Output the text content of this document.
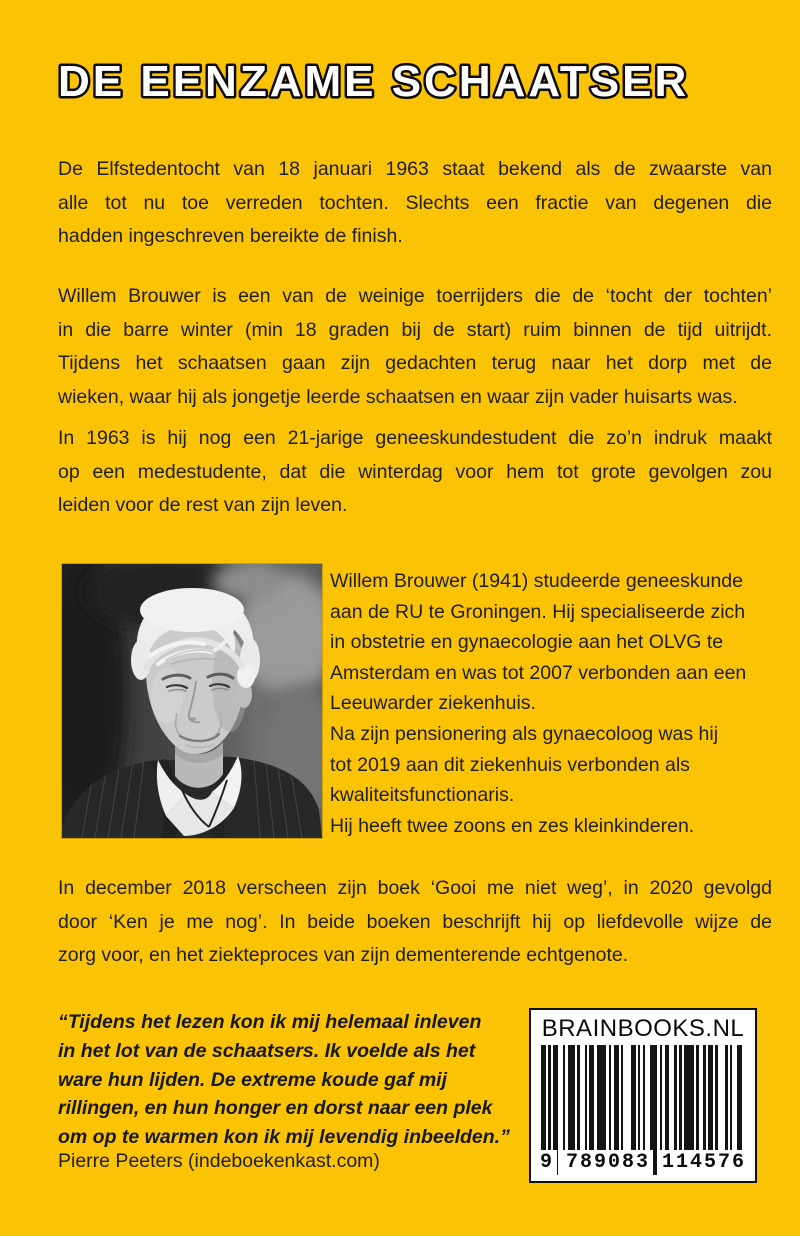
DE EENZAME SCHAATSER
De Elfstedentocht van 18 januari 1963 staat bekend als de zwaarste van
alle tot nu toe verreden tochten. Slechts een fractie van degenen die
hadden ingeschreven bereikte de finish.
Willem Brouwer is een van de weinige toerrijders die de ‘tocht der tochten’
in die barre winter (min 18 graden bij de start) ruim binnen de tijd uitrijdt.
Tijdens het schaatsen gaan zijn gedachten terug naar het dorp met de
wieken, waar hij als jongetje leerde schaatsen en waar zijn vader huisarts was.
In 1963 is hij nog een 21-jarige geneeskundestudent die zo’n indruk maakt
op een medestudente, dat die winterdag voor hem tot grote gevolgen zou
leiden voor de rest van zijn leven.
Willem Brouwer (1941) studeerde geneeskunde
aan de RU te Groningen. Hij specialiseerde zich
in obstetrie en gynaecologie aan het OLVG te
Amsterdam en was tot 2007 verbonden aan een
Leeuwarder ziekenhuis.
Na zijn pensionering als gynaecoloog was hij
tot 2019 aan dit ziekenhuis verbonden als
kwaliteitsfunctionaris.
Hij heeft twee zoons en zes kleinkinderen.
In december 2018 verscheen zijn boek ‘Gooi me niet weg’, in 2020 gevolgd
door ‘Ken je me nog’. In beide boeken beschrijft hij op liefdevolle wijze de
zorg voor, en het ziekteproces van zijn dementerende echtgenote.
“Tijdens het lezen kon ik mij helemaal inleven
in het lot van de schaatsers. Ik voelde als het
ware hun lijden. De extreme koude gaf mij
rillingen, en hun honger en dorst naar een plek
om op te warmen kon ik mij levendig inbeelden.”
Pierre Peeters (indeboekenkast.com)
BRAINBOOKS.NL
9 789083 114576
